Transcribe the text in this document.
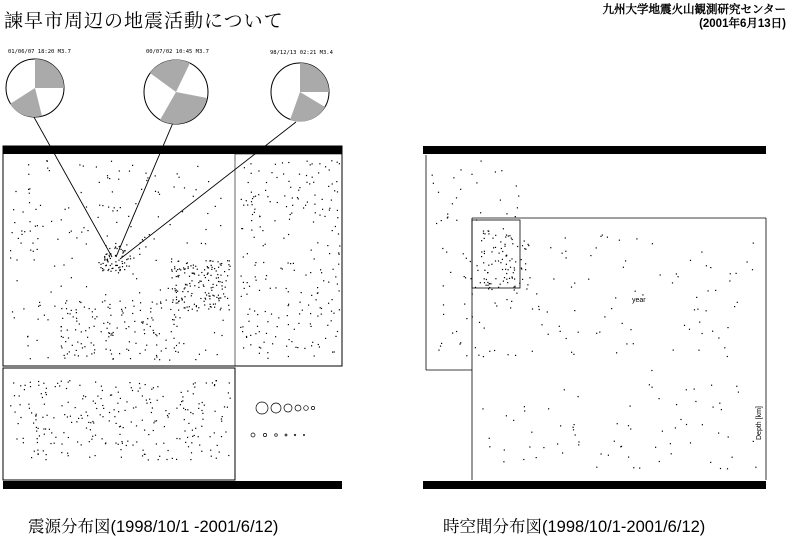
諫早市周辺の地震活動について	九州大学地震火山観測研究センター
(2001年6月13日)
01/06/07 18:20 M3.7	00/07/02 10:45 M3.7	98/12/13 02:21 M3.4
year
Depth [km]
震源分布図(1998/10/1 -2001/6/12)	時空間分布図(1998/10/1-2001/6/12)
